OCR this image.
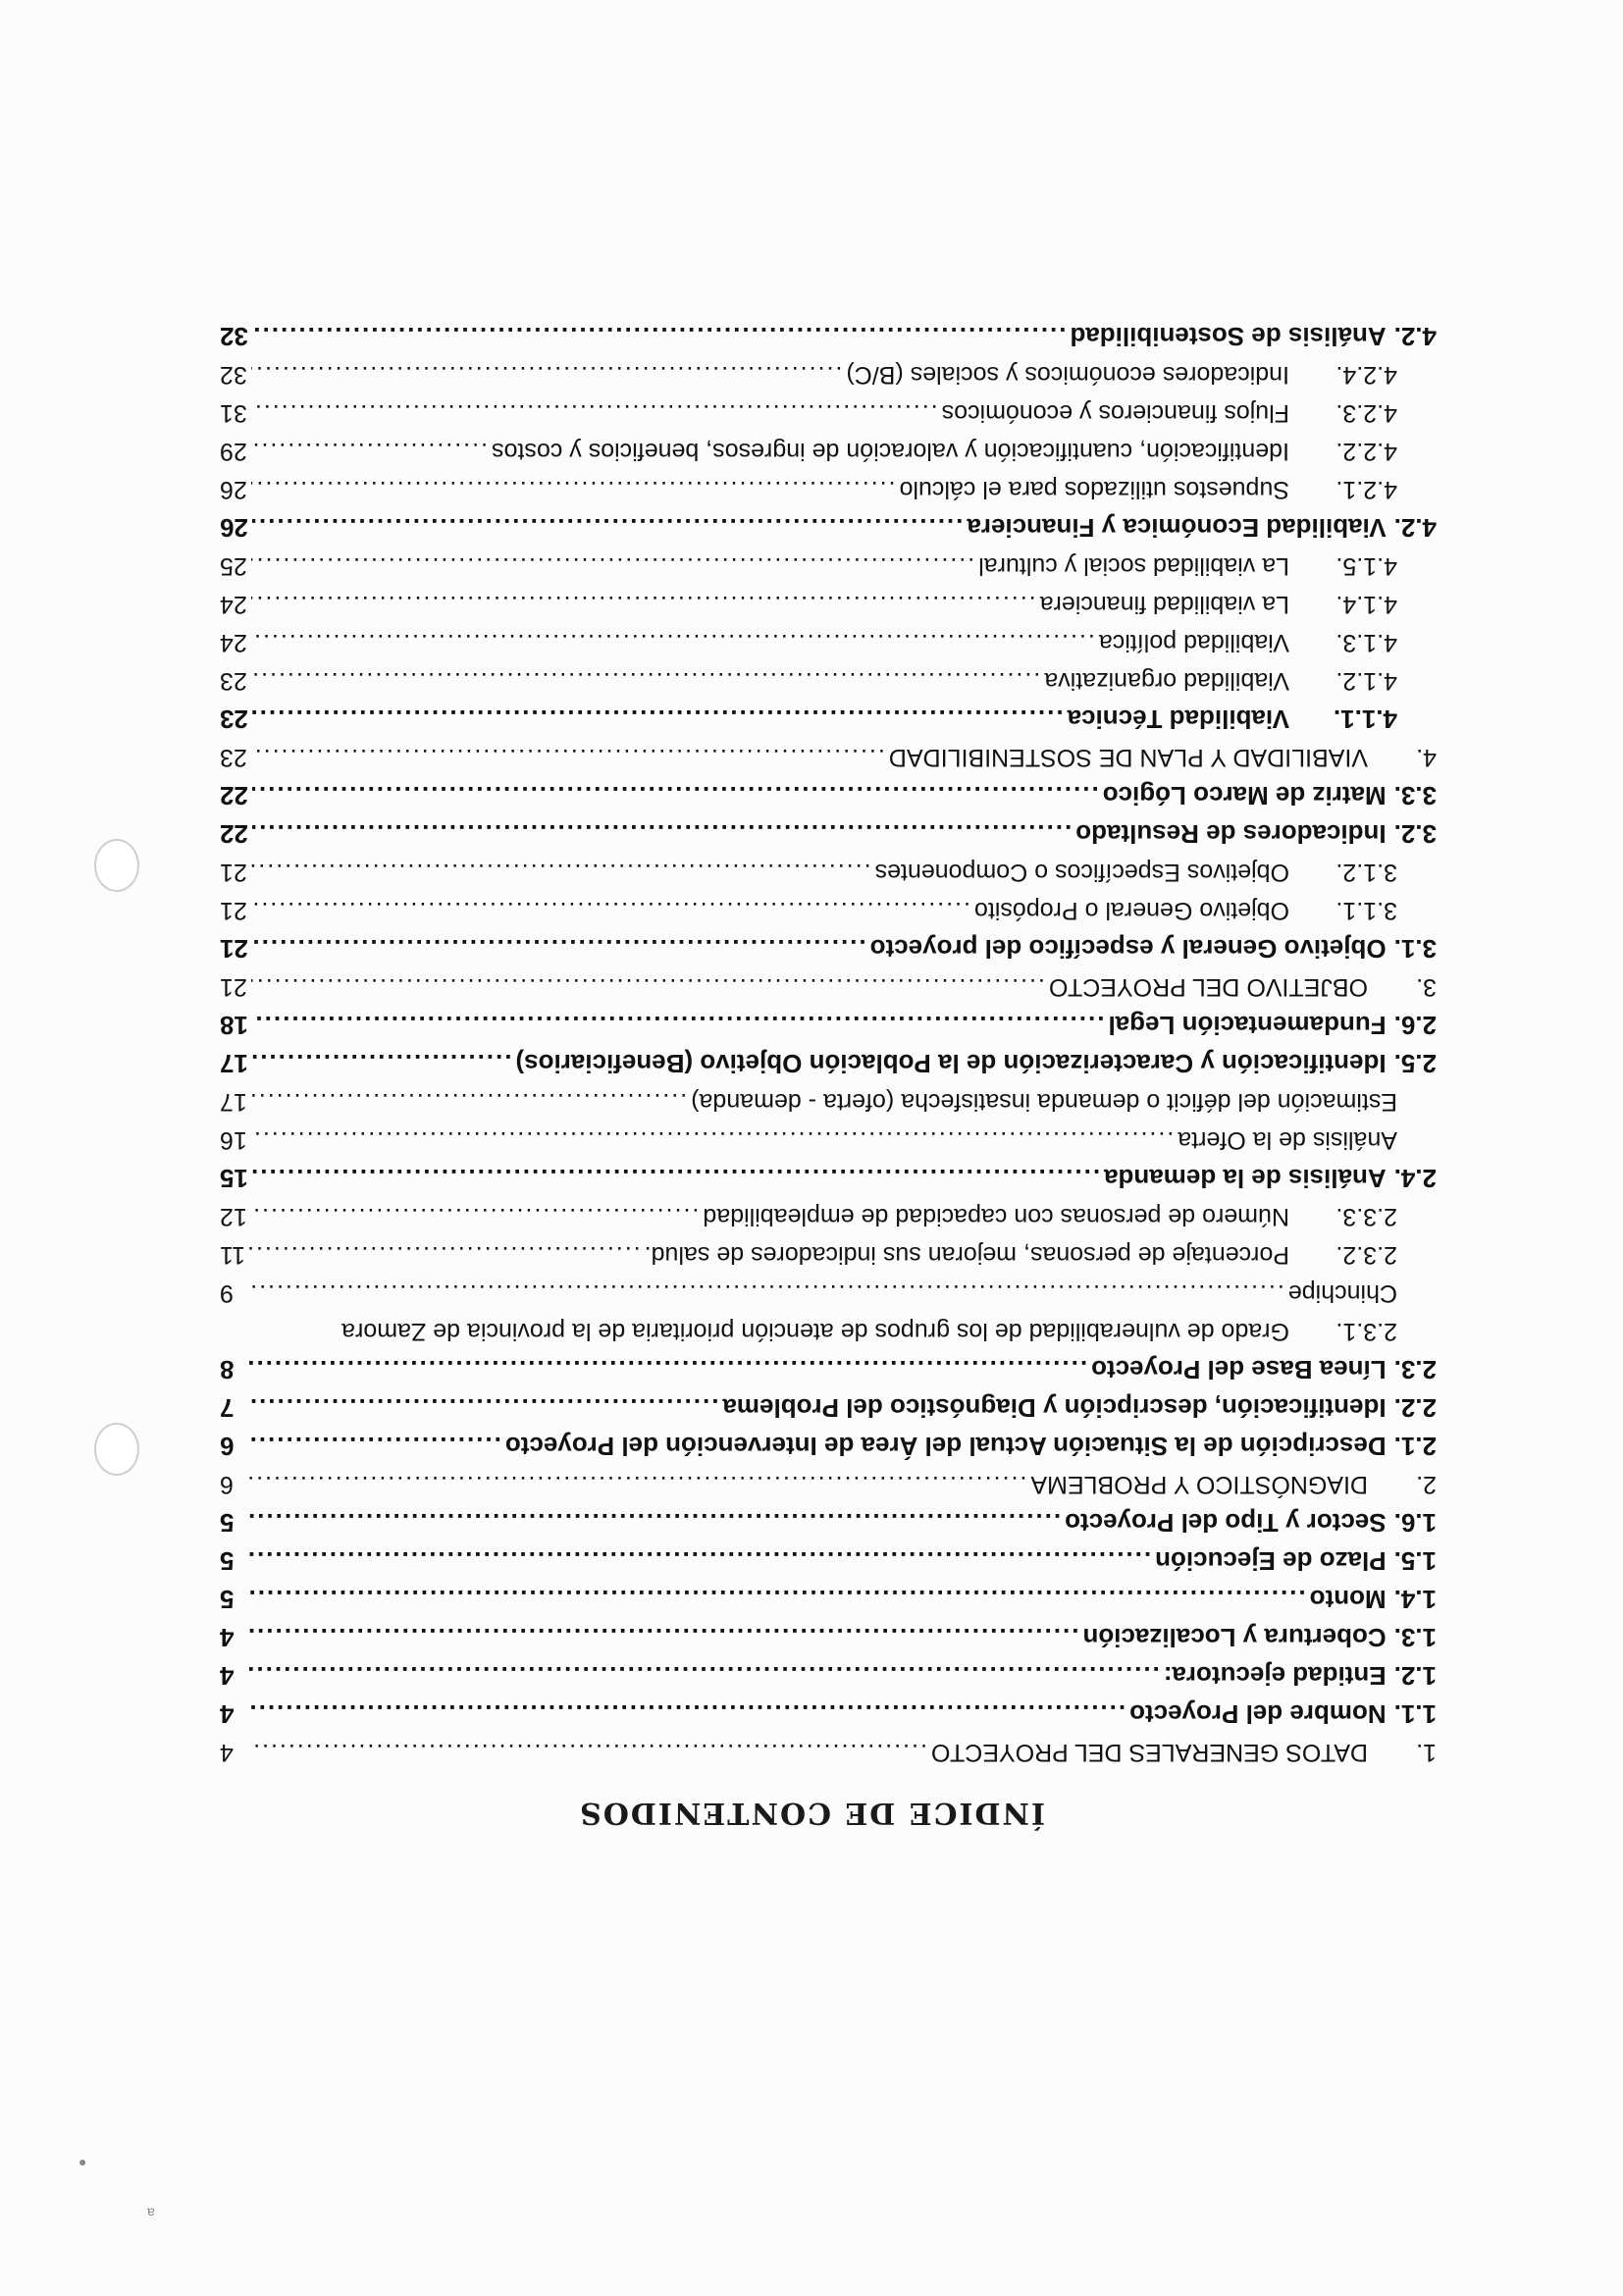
●
ɐ
ÍNDICE DE CONTENIDOS
1.
DATOS GENERALES DEL PROYECTO
.....
4
1.1.
Nombre del Proyecto
.....
4
1.2.
Entidad ejecutora:
.....
4
1.3.
Cobertura y Localización
.....
4
1.4.
Monto
.....
5
1.5.
Plazo de Ejecución
.....
5
1.6.
Sector y Tipo del Proyecto
.....
5
2.
DIAGNÓSTICO Y PROBLEMA
.....
6
2.1.
Descripción de la Situación Actual del Área de Intervención del Proyecto
.....
6
2.2.
Identificación, descripción y Diagnóstico del Problema
.....
7
2.3.
Línea Base del Proyecto
.....
8
2.3.1.
Grado de vulnerabilidad de los grupos de atención prioritaria de la provincia de Zamora
Chinchipe
.....
9
2.3.2.
Porcentaje de personas, mejoran sus indicadores de salud.
.....
11
2.3.3.
Número de personas con capacidad de empleabilidad
.....
12
2.4.
Análisis de la demanda
.....
15
Análisis de la Oferta
.....
16
Estimación del déficit o demanda insatisfecha (oferta - demanda)
.....
17
2.5.
Identificación y Caracterización de la Población Objetivo (Beneficiarios)
.....
17
2.6.
Fundamentación Legal
.....
18
3.
OBJETIVO DEL PROYECTO
.....
21
3.1.
Objetivo General y específico del proyecto
.....
21
3.1.1.
Objetivo General o Propósito
.....
21
3.1.2.
Objetivos Específicos o Componentes
.....
21
3.2.
Indicadores de Resultado
.....
22
3.3.
Matriz de Marco Lógico
.....
22
4.
VIABILIDAD Y PLAN DE SOSTENIBILIDAD
.....
23
4.1.1.
Viabilidad Técnica
.....
23
4.1.2.
Viabilidad organizativa
.....
23
4.1.3.
Viabilidad política
.....
24
4.1.4.
La viabilidad financiera
.....
24
4.1.5.
La viabilidad social y cultural
.....
25
4.2.
Viabilidad Económica y Financiera
.....
26
4.2.1.
Supuestos utilizados para el cálculo
.....
26
4.2.2.
Identificación, cuantificación y valoración de ingresos, beneficios y costos
.....
29
4.2.3.
Flujos financieros y económicos
.....
31
4.2.4.
Indicadores económicos y sociales (B/C)
.....
32
4.2.
Análisis de Sostenibilidad
.....
32
